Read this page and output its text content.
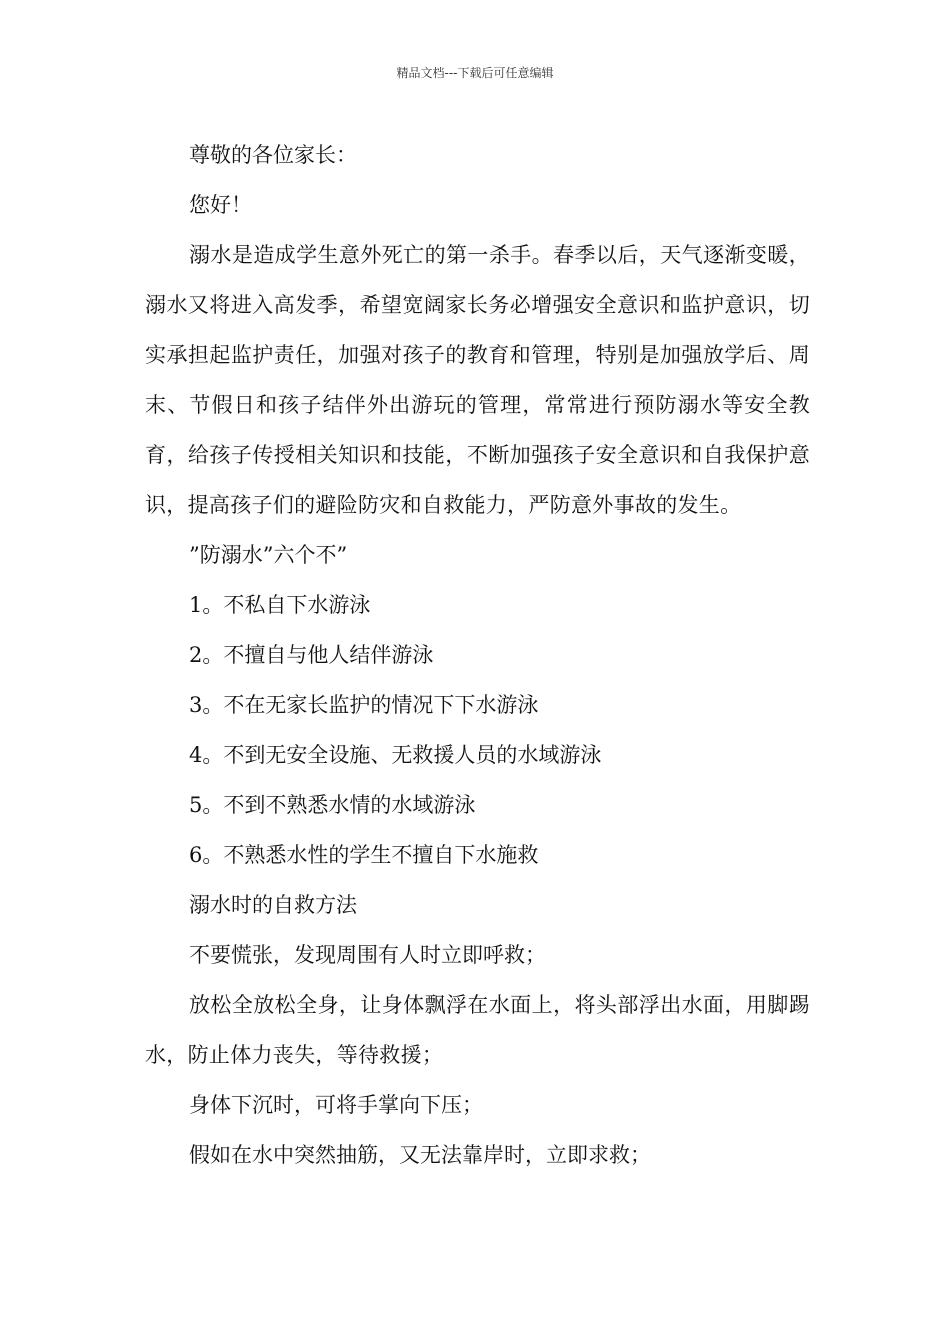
精品文档---下载后可任意编辑
尊敬的各位家长：
您好！

溺水是造成学生意外死亡的第一杀手。春季以后，天气逐渐变暖，溺水又将进入高发季，希望宽阔家长务必增强安全意识和监护意识，切实承担起监护责任，加强对孩子的教育和管理，特别是加强放学后、周末、节假日和孩子结伴外出游玩的管理，常常进行预防溺水等安全教育，给孩子传授相关知识和技能，不断加强孩子安全意识和自我保护意识，提高孩子们的避险防灾和自救能力，严防意外事故的发生。

”防溺水”六个不”
1。不私自下水游泳
2。不擅自与他人结伴游泳
3。不在无家长监护的情况下下水游泳
4。不到无安全设施、无救援人员的水域游泳
5。不到不熟悉水情的水域游泳
6。不熟悉水性的学生不擅自下水施救
溺水时的自救方法
不要慌张，发现周围有人时立即呼救；

放松全放松全身，让身体飘浮在水面上，将头部浮出水面，用脚踢水，防止体力丧失，等待救援；

身体下沉时，可将手掌向下压；
假如在水中突然抽筋，又无法靠岸时，立即求救；
